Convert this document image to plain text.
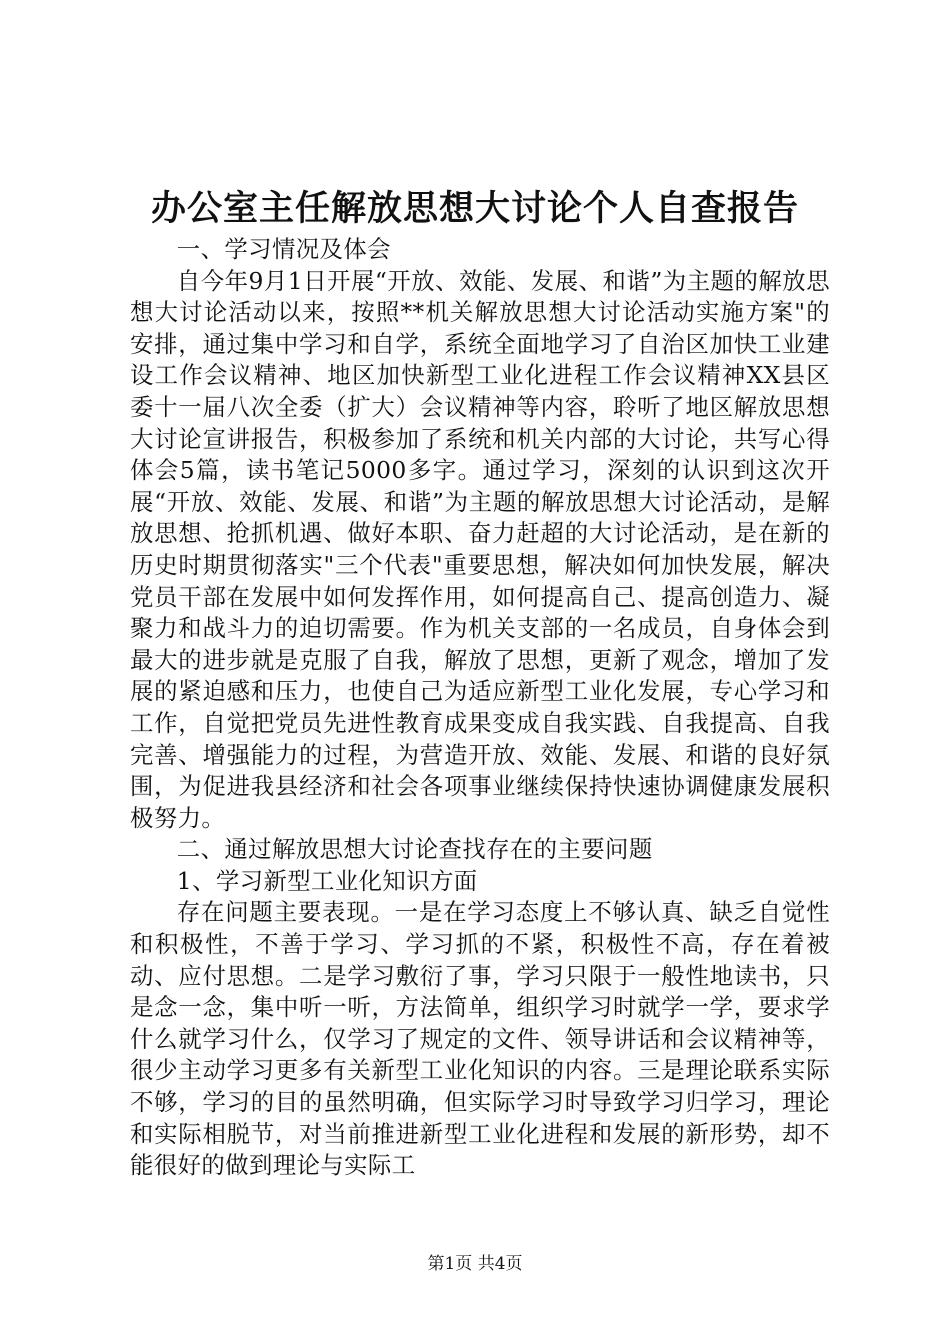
办公室主任解放思想大讨论个人自查报告

一、学习情况及体会

自今年9月1日开展“开放、效能、发展、和谐”为主题的解放思想大讨论活动以来，按照**机关解放思想大讨论活动实施方案"的安排，通过集中学习和自学，系统全面地学习了自治区加快工业建设工作会议精神、地区加快新型工业化进程工作会议精神XX县区委十一届八次全委（扩大）会议精神等内容，聆听了地区解放思想大讨论宣讲报告，积极参加了系统和机关内部的大讨论，共写心得体会5篇，读书笔记5000多字。通过学习，深刻的认识到这次开展“开放、效能、发展、和谐”为主题的解放思想大讨论活动，是解放思想、抢抓机遇、做好本职、奋力赶超的大讨论活动，是在新的历史时期贯彻落实"三个代表"重要思想，解决如何加快发展，解决党员干部在发展中如何发挥作用，如何提高自己、提高创造力、凝聚力和战斗力的迫切需要。作为机关支部的一名成员，自身体会到最大的进步就是克服了自我，解放了思想，更新了观念，增加了发展的紧迫感和压力，也使自己为适应新型工业化发展，专心学习和工作，自觉把党员先进性教育成果变成自我实践、自我提高、自我完善、增强能力的过程，为营造开放、效能、发展、和谐的良好氛围，为促进我县经济和社会各项事业继续保持快速协调健康发展积极努力。

二、通过解放思想大讨论查找存在的主要问题

1、学习新型工业化知识方面

存在问题主要表现。一是在学习态度上不够认真、缺乏自觉性和积极性，不善于学习、学习抓的不紧，积极性不高，存在着被动、应付思想。二是学习敷衍了事，学习只限于一般性地读书，只是念一念，集中听一听，方法简单，组织学习时就学一学，要求学什么就学习什么，仅学习了规定的文件、领导讲话和会议精神等，很少主动学习更多有关新型工业化知识的内容。三是理论联系实际不够，学习的目的虽然明确，但实际学习时导致学习归学习，理论和实际相脱节，对当前推进新型工业化进程和发展的新形势，却不能很好的做到理论与实际工

第1页 共4页
